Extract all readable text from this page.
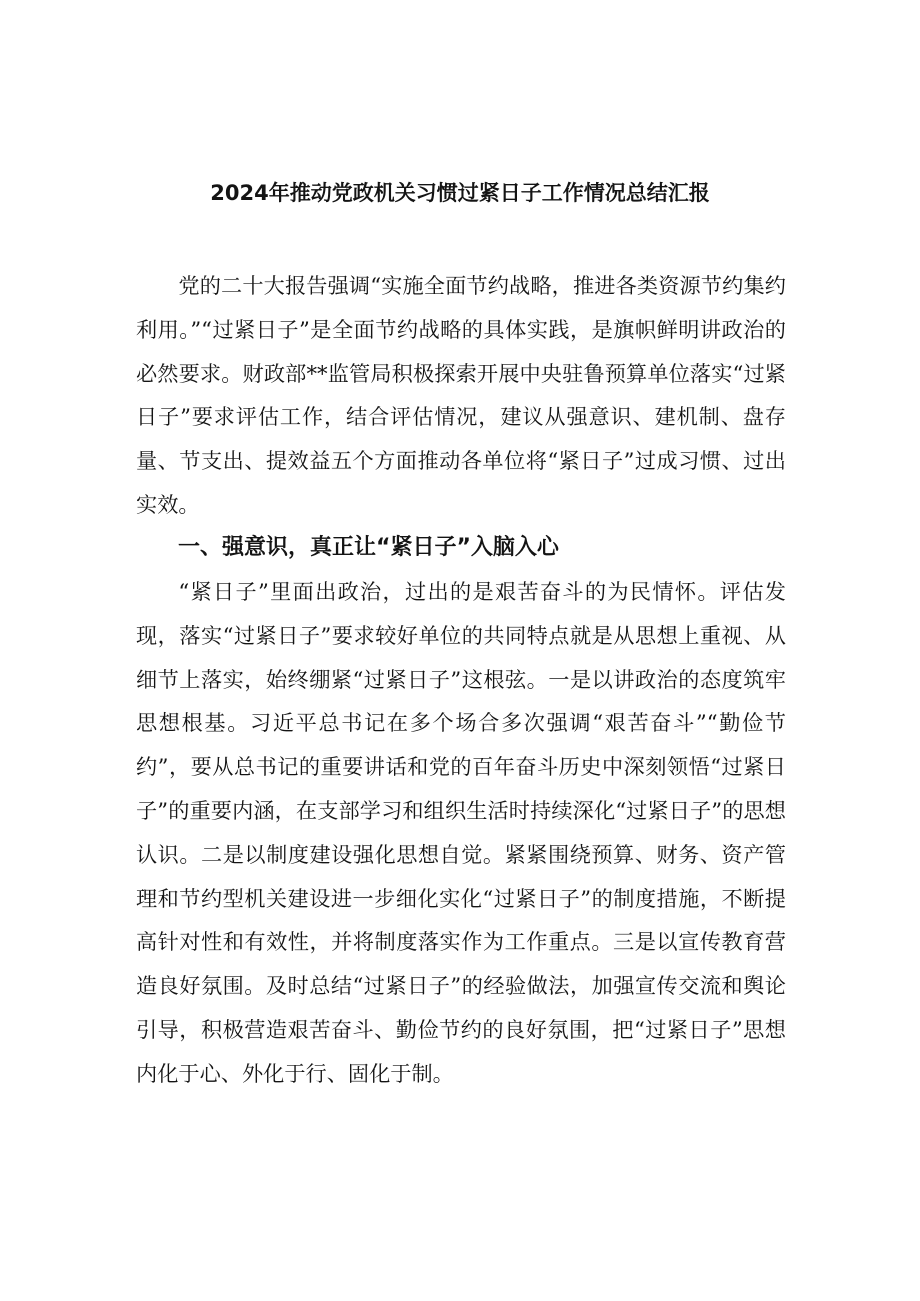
2024年推动党政机关习惯过紧日子工作情况总结汇报

党的二十大报告强调“实施全面节约战略，推进各类资源节约集约利用。”“过紧日子”是全面节约战略的具体实践，是旗帜鲜明讲政治的必然要求。财政部**监管局积极探索开展中央驻鲁预算单位落实“过紧日子”要求评估工作，结合评估情况，建议从强意识、建机制、盘存量、节支出、提效益五个方面推动各单位将“紧日子”过成习惯、过出实效。

一、强意识，真正让“紧日子”入脑入心

“紧日子”里面出政治，过出的是艰苦奋斗的为民情怀。评估发现，落实“过紧日子”要求较好单位的共同特点就是从思想上重视、从细节上落实，始终绷紧“过紧日子”这根弦。一是以讲政治的态度筑牢思想根基。习近平总书记在多个场合多次强调“艰苦奋斗”“勤俭节约”，要从总书记的重要讲话和党的百年奋斗历史中深刻领悟“过紧日子”的重要内涵，在支部学习和组织生活时持续深化“过紧日子”的思想认识。二是以制度建设强化思想自觉。紧紧围绕预算、财务、资产管理和节约型机关建设进一步细化实化“过紧日子”的制度措施，不断提高针对性和有效性，并将制度落实作为工作重点。三是以宣传教育营造良好氛围。及时总结“过紧日子”的经验做法，加强宣传交流和舆论引导，积极营造艰苦奋斗、勤俭节约的良好氛围，把“过紧日子”思想内化于心、外化于行、固化于制。
